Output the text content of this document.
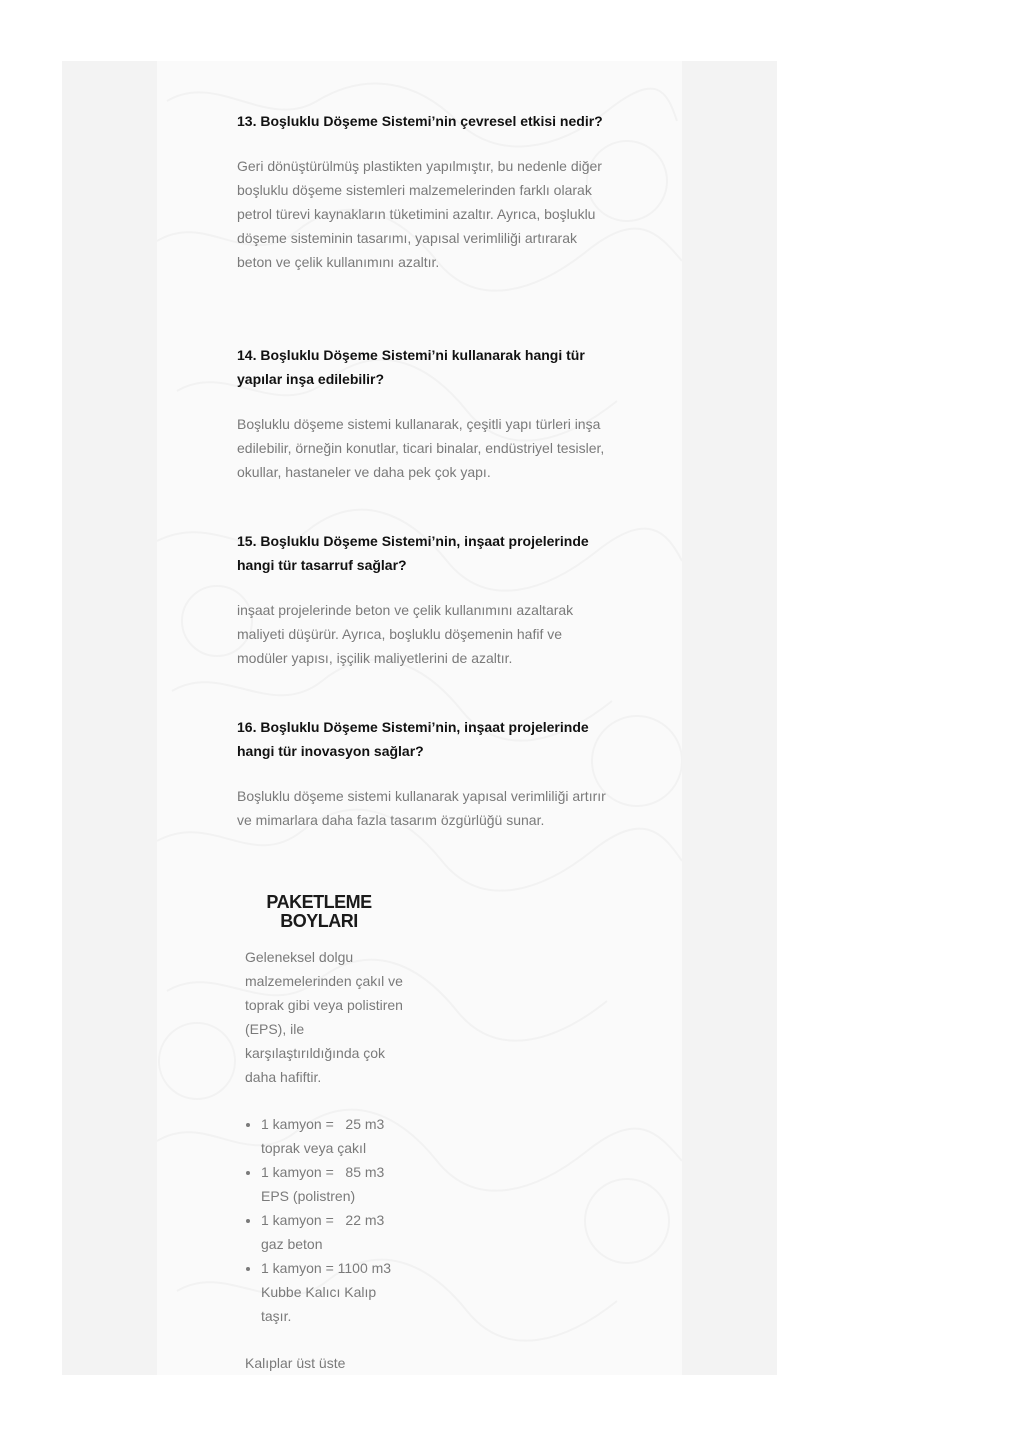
13. Boşluklu Döşeme Sistemi’nin çevresel etkisi nedir?

Geri dönüştürülmüş plastikten yapılmıştır, bu nedenle diğer boşluklu döşeme sistemleri malzemelerinden farklı olarak petrol türevi kaynakların tüketimini azaltır. Ayrıca, boşluklu döşeme sisteminin tasarımı, yapısal verimliliği artırarak beton ve çelik kullanımını azaltır.

14. Boşluklu Döşeme Sistemi’ni kullanarak hangi tür yapılar inşa edilebilir?

Boşluklu döşeme sistemi kullanarak, çeşitli yapı türleri inşa edilebilir, örneğin konutlar, ticari binalar, endüstriyel tesisler, okullar, hastaneler ve daha pek çok yapı.

15. Boşluklu Döşeme Sistemi’nin, inşaat projelerinde hangi tür tasarruf sağlar?

inşaat projelerinde beton ve çelik kullanımını azaltarak maliyeti düşürür. Ayrıca, boşluklu döşemenin hafif ve modüler yapısı, işçilik maliyetlerini de azaltır.

16. Boşluklu Döşeme Sistemi’nin, inşaat projelerinde hangi tür inovasyon sağlar?

Boşluklu döşeme sistemi kullanarak yapısal verimliliği artırır ve mimarlara daha fazla tasarım özgürlüğü sunar.

PAKETLEME BOYLARI

Geleneksel dolgu malzemelerinden çakıl ve toprak gibi veya polistiren (EPS), ile karşılaştırıldığında çok daha hafiftir.

• 1 kamyon =   25 m3 toprak veya çakıl
• 1 kamyon =   85 m3 EPS (polistren)
• 1 kamyon =   22 m3 gaz beton
• 1 kamyon = 1100 m3 Kubbe Kalıcı Kalıp taşır.

Kalıplar üst üste
